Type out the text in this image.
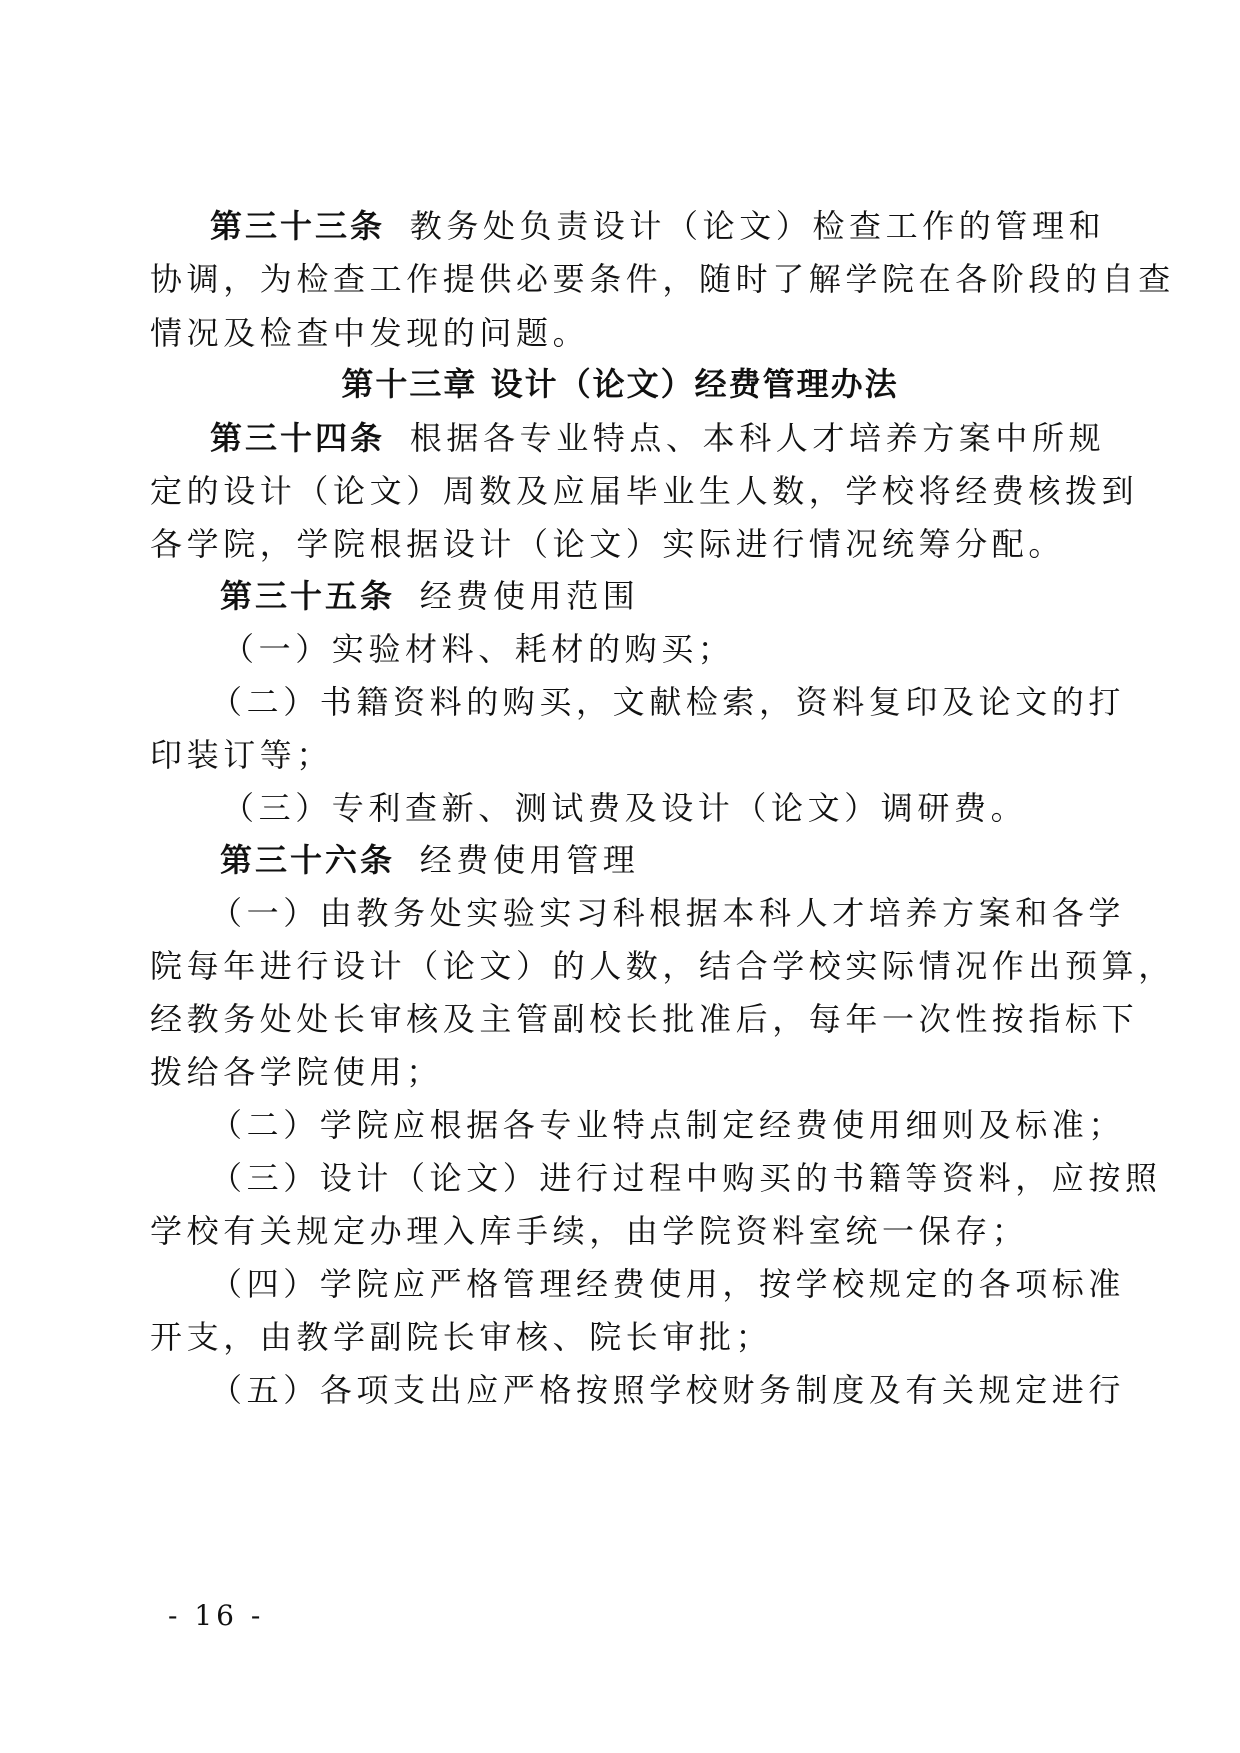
第三十三条 教务处负责设计（论文）检查工作的管理和
协调，为检查工作提供必要条件，随时了解学院在各阶段的自查
情况及检查中发现的问题。
第十三章 设计（论文）经费管理办法
第三十四条 根据各专业特点、本科人才培养方案中所规
定的设计（论文）周数及应届毕业生人数，学校将经费核拨到
各学院，学院根据设计（论文）实际进行情况统筹分配。
第三十五条 经费使用范围
（一）实验材料、耗材的购买；
（二）书籍资料的购买，文献检索，资料复印及论文的打
印装订等；
（三）专利查新、测试费及设计（论文）调研费。
第三十六条 经费使用管理
（一）由教务处实验实习科根据本科人才培养方案和各学
院每年进行设计（论文）的人数，结合学校实际情况作出预算，
经教务处处长审核及主管副校长批准后，每年一次性按指标下
拨给各学院使用；
（二）学院应根据各专业特点制定经费使用细则及标准；
（三）设计（论文）进行过程中购买的书籍等资料，应按照
学校有关规定办理入库手续，由学院资料室统一保存；
（四）学院应严格管理经费使用，按学校规定的各项标准
开支，由教学副院长审核、院长审批；
（五）各项支出应严格按照学校财务制度及有关规定进行
- 16 -
